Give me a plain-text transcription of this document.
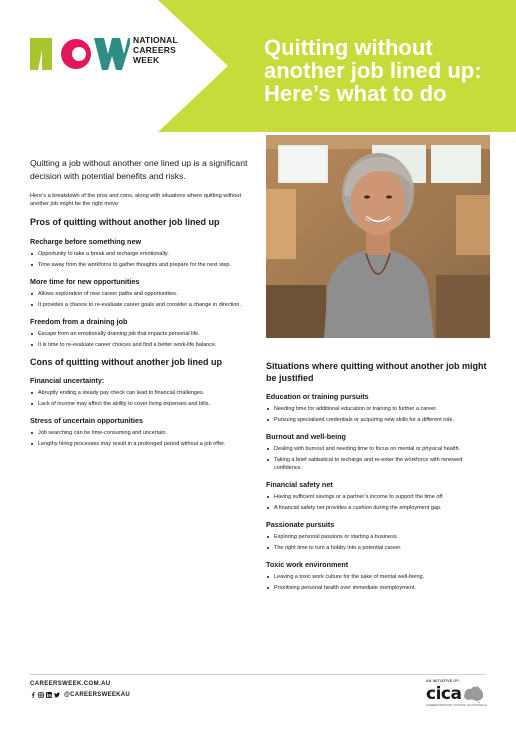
NATIONAL
CAREERS
WEEK	Quitting without
another job lined up:
Here’s what to do

Quitting a job without another one lined up is a significant decision with potential benefits and risks.

Here’s a breakdown of the pros and cons, along with situations where quitting without another job might be the right move:

Pros of quitting without another job lined up
Recharge before something new
Opportunity to take a break and recharge emotionally.
Time away from the workforce to gather thoughts and prepare for the next step.
More time for new opportunities
Allows exploration of new career paths and opportunities.
It provides a chance to re-evaluate career goals and consider a change in direction.
Freedom from a draining job
Escape from an emotionally draining job that impacts personal life.
It is time to re-evaluate career choices and find a better work-life balance.
Cons of quitting without another job lined up
Financial uncertainty:
Abruptly ending a steady pay check can lead to financial challenges.
Lack of income may affect the ability to cover living expenses and bills.
Stress of uncertain opportunities
Job searching can be time-consuming and uncertain.
Lengthy hiring processes may result in a prolonged period without a job offer.
Situations where quitting without another job might be justified
Education or training pursuits
Needing time for additional education or training to further a career.
Pursuing specialised credentials or acquiring new skills for a different role.
Burnout and well-being
Dealing with burnout and needing time to focus on mental or physical health.
Taking a brief sabbatical to recharge and re-enter the workforce with renewed confidence.
Financial safety net
Having sufficient savings or a partner’s income to support the time off.
A financial safety net provides a cushion during the employment gap.
Passionate pursuits
Exploring personal passions or starting a business.
The right time to turn a hobby into a potential career.
Toxic work environment
Leaving a toxic work culture for the sake of mental well-being.
Prioritising personal health over immediate reemployment.
CAREERSWEEK.COM.AU
@CAREERSWEEKAU
AN INITIATIVE OF:
cica
CAREER INDUSTRY COUNCIL OF AUSTRALIA
